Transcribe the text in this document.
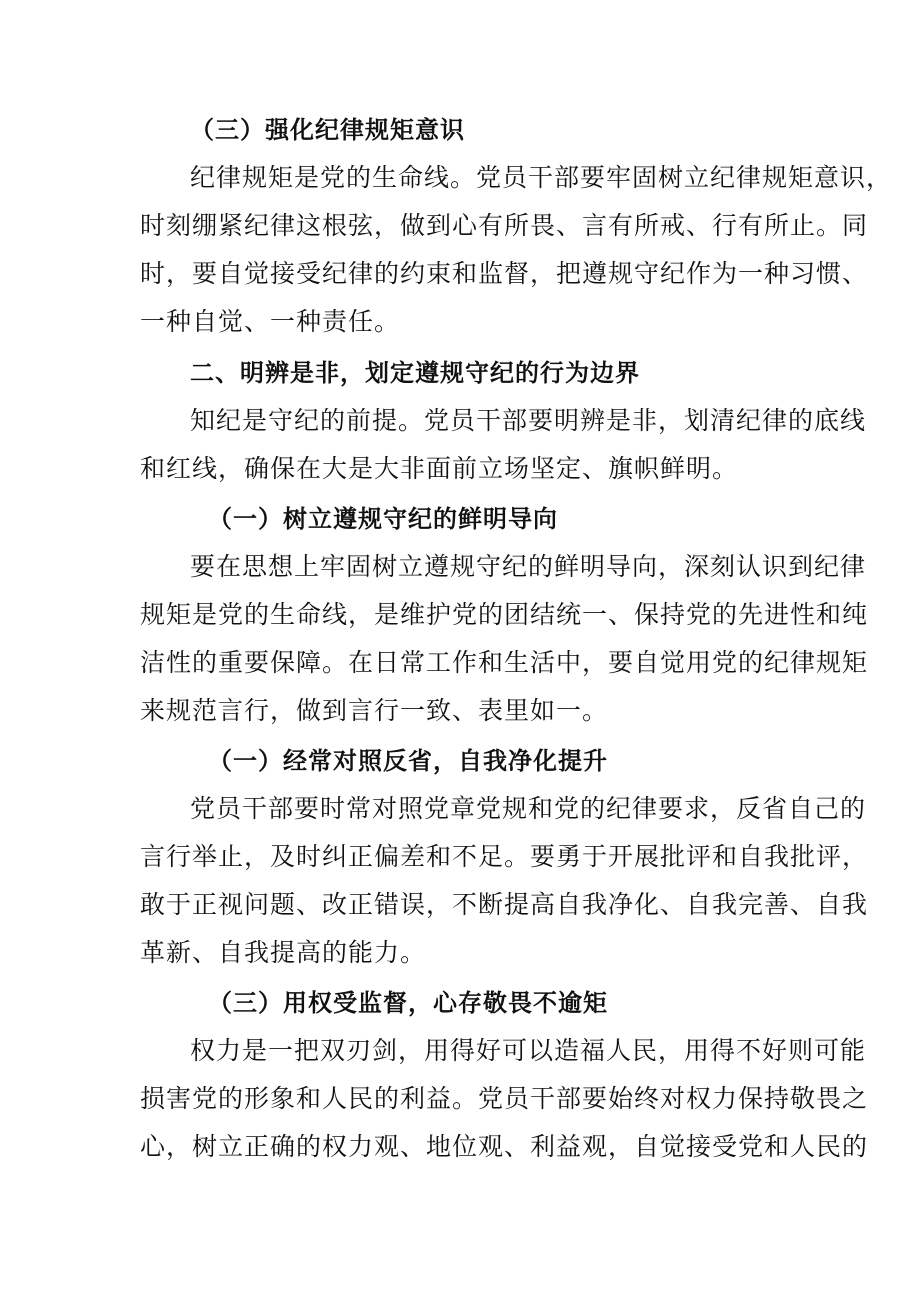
（三）强化纪律规矩意识
纪律规矩是党的生命线。党员干部要牢固树立纪律规矩意识，
时刻绷紧纪律这根弦，做到心有所畏、言有所戒、行有所止。同
时，要自觉接受纪律的约束和监督，把遵规守纪作为一种习惯、
一种自觉、一种责任。
二、明辨是非，划定遵规守纪的行为边界
知纪是守纪的前提。党员干部要明辨是非，划清纪律的底线
和红线，确保在大是大非面前立场坚定、旗帜鲜明。
（一）树立遵规守纪的鲜明导向
要在思想上牢固树立遵规守纪的鲜明导向，深刻认识到纪律
规矩是党的生命线，是维护党的团结统一、保持党的先进性和纯
洁性的重要保障。在日常工作和生活中，要自觉用党的纪律规矩
来规范言行，做到言行一致、表里如一。
（一）经常对照反省，自我净化提升
党员干部要时常对照党章党规和党的纪律要求，反省自己的
言行举止，及时纠正偏差和不足。要勇于开展批评和自我批评，
敢于正视问题、改正错误，不断提高自我净化、自我完善、自我
革新、自我提高的能力。
（三）用权受监督，心存敬畏不逾矩
权力是一把双刃剑，用得好可以造福人民，用得不好则可能
损害党的形象和人民的利益。党员干部要始终对权力保持敬畏之
心，树立正确的权力观、地位观、利益观，自觉接受党和人民的
